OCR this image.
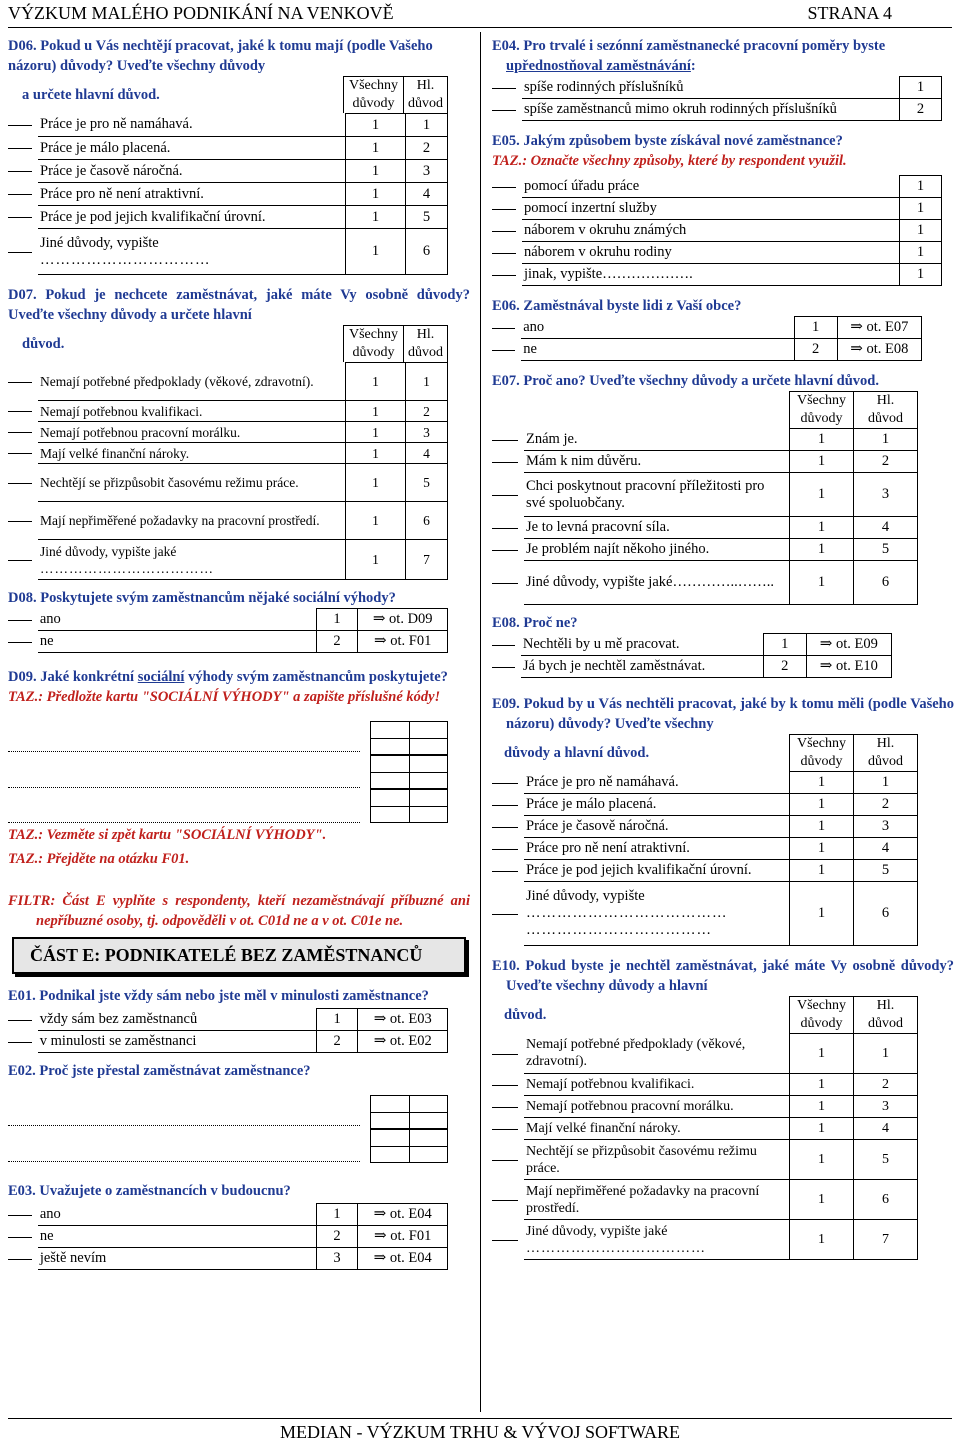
VÝZKUM MALÉHO PODNIKÁNÍ NA VENKOVĚ	STRANA 4

D06. Pokud u Vás nechtějí pracovat, jaké k tomu mají (podle Vašeho názoru) důvody? Uveďte všechny důvody

a určete hlavní důvod.	Všechny
důvody	Hl.
důvod
	Práce je pro ně namáhavá.	1	1
	Práce je málo placená.	1	2
	Práce je časově náročná.	1	3
	Práce pro ně není atraktivní.	1	4
	Práce je pod jejich kvalifikační úrovní.	1	5
	Jiné důvody, vypište
……………………………	1	6

D07. Pokud je nechcete zaměstnávat, jaké máte Vy osobně důvody? Uveďte všechny důvody a určete hlavní

důvod.	Všechny
důvody	Hl.
důvod
	Nemají potřebné předpoklady (věkové, zdravotní).	1	1
	Nemají potřebnou kvalifikaci.	1	2
	Nemají potřebnou pracovní morálku.	1	3
	Mají velké finanční nároky.	1	4
	Nechtějí se přizpůsobit časovému režimu práce.	1	5
	Mají nepřiměřené požadavky na pracovní prostředí.	1	6
	Jiné důvody, vypište jaké
………………………………	1	7

D08. Poskytujete svým zaměstnancům nějaké sociální výhody?

	ano	1	⇒ ot. D09
	ne	2	⇒ ot. F01

D09. Jaké konkrétní sociální výhody svým zaměstnancům poskytujete?

TAZ.: Předložte kartu "SOCIÁLNÍ VÝHODY" a zapište příslušné kódy!
TAZ.: Vezměte si zpět kartu "SOCIÁLNÍ VÝHODY".
TAZ.: Přejděte na otázku F01.
FILTR: Část E vyplňte s respondenty, kteří nezaměstnávají příbuzné ani nepříbuzné osoby, tj. odpověděli v ot. C01d ne a v ot. C01e ne.
ČÁST E: PODNIKATELÉ BEZ ZAMĚSTNANCŮ

E01. Podnikal jste vždy sám nebo jste měl v minulosti zaměstnance?

	vždy sám bez zaměstnanců	1	⇒ ot. E03
	v minulosti se zaměstnanci	2	⇒ ot. E02

E02. Proč jste přestal zaměstnávat zaměstnance?

E03. Uvažujete o zaměstnancích v budoucnu?

	ano	1	⇒ ot. E04
	ne	2	⇒ ot. F01
	ještě nevím	3	⇒ ot. E04

E04. Pro trvalé i sezónní zaměstnanecké pracovní poměry byste
upřednostňoval zaměstnávání:

	spíše rodinných příslušníků	1
	spíše zaměstnanců mimo okruh rodinných příslušníků	2

E05. Jakým způsobem byste získával nové zaměstnance?

TAZ.: Označte všechny způsoby, které by respondent využil.
	pomocí úřadu práce	1
	pomocí inzertní služby	1
	náborem v okruhu známých	1
	náborem v okruhu rodiny	1
	jinak, vypište……………….	1

E06. Zaměstnával byste lidi z Vaší obce?

	ano	1	⇒ ot. E07
	ne	2	⇒ ot. E08

E07. Proč ano? Uveďte všechny důvody a určete hlavní důvod.

	Všechny
důvody	Hl.
důvod
	Znám je.	1	1
	Mám k nim důvěru.	1	2
	Chci poskytnout pracovní příležitosti pro své spoluobčany.	1	3
	Je to levná pracovní síla.	1	4
	Je problém najít někoho jiného.	1	5
	Jiné důvody, vypište jaké…………..……..	1	6

E08. Proč ne?

	Nechtěli by u mě pracovat.	1	⇒ ot. E09
	Já bych je nechtěl zaměstnávat.	2	⇒ ot. E10

E09. Pokud by u Vás nechtěli pracovat, jaké by k tomu měli (podle Vašeho názoru) důvody? Uveďte všechny

důvody a hlavní důvod.	Všechny
důvody	Hl.
důvod
	Práce je pro ně namáhavá.	1	1
	Práce je málo placená.	1	2
	Práce je časově náročná.	1	3
	Práce pro ně není atraktivní.	1	4
	Práce je pod jejich kvalifikační úrovní.	1	5
	Jiné důvody, vypište
…………………………………
………………………………	1	6

E10. Pokud byste je nechtěl zaměstnávat, jaké máte Vy osobně důvody? Uveďte všechny důvody a hlavní

důvod.	Všechny
důvody	Hl.
důvod
	Nemají potřebné předpoklady (věkové, zdravotní).	1	1
	Nemají potřebnou kvalifikaci.	1	2
	Nemají potřebnou pracovní morálku.	1	3
	Mají velké finanční nároky.	1	4
	Nechtějí se přizpůsobit časovému režimu práce.	1	5
	Mají nepřiměřené požadavky na pracovní prostředí.	1	6
	Jiné důvody, vypište jaké
………………………………	1	7
MEDIAN - VÝZKUM TRHU & VÝVOJ SOFTWARE
